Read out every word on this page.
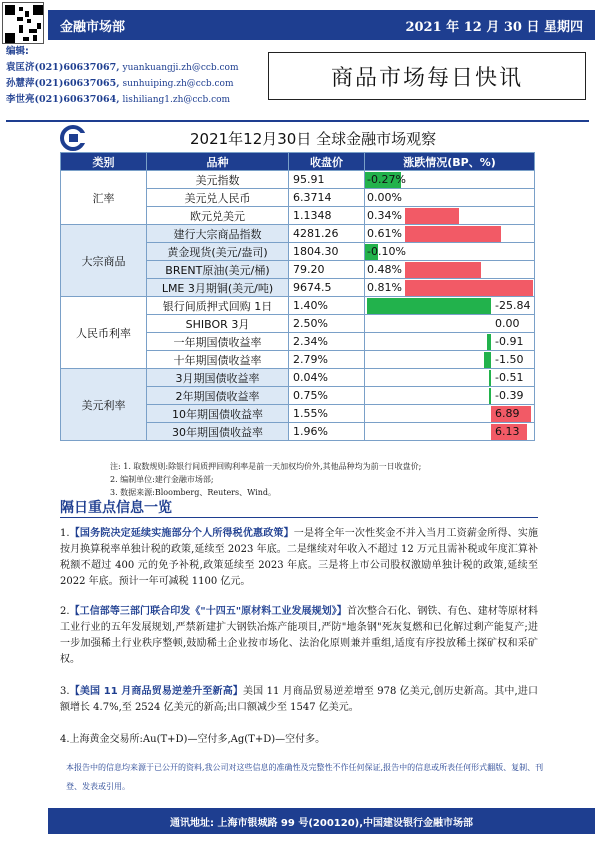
金融市场部	2021 年 12 月 30 日 星期四
编辑:
袁匡济(021)60637067, yuankuangji.zh@ccb.com
孙慧萍(021)60637065, sunhuiping.zh@ccb.com
李世亮(021)60637064, lishiliang1.zh@ccb.com
商品市场每日快讯
2021年12月30日 全球金融市场观察
类别	品种	收盘价	涨跌情况(BP、%)
汇率	美元指数	95.91	-0.27%

	美元兑人民币	6.3714	0.00%

	欧元兑美元	1.1348	0.34%

大宗商品	建行大宗商品指数	4281.26	0.61%

	黄金现货(美元/盎司)	1804.30	-0.10%

	BRENT原油(美元/桶)	79.20	0.48%

	LME 3月期铜(美元/吨)	9674.5	0.81%

人民币利率	银行间质押式回购 1日	1.40%	-25.84

	SHIBOR 3月	2.50%	0.00

	一年期国债收益率	2.34%	-0.91

	十年期国债收益率	2.79%	-1.50

美元利率	3月期国债收益率	0.04%	-0.51

	2年期国债收益率	0.75%	-0.39

	10年期国债收益率	1.55%	6.89

	30年期国债收益率	1.96%	6.13
注: 1. 取数规则:除银行间质押回购利率是前一天加权均价外,其他品种均为前一日收盘价;
2. 编制单位:建行金融市场部;
3. 数据来源:Bloomberg、Reuters、Wind。
隔日重点信息一览
1.【国务院决定延续实施部分个人所得税优惠政策】一是将全年一次性奖金不并入当月工资薪金所得、实施按月换算税率单独计税的政策,延续至 2023 年底。二是继续对年收入不超过 12 万元且需补税或年度汇算补税额不超过 400 元的免予补税,政策延续至 2023 年底。三是将上市公司股权激励单独计税的政策,延续至 2022 年底。预计一年可减税 1100 亿元。
2.【工信部等三部门联合印发《"十四五"原材料工业发展规划》】首次整合石化、钢铁、有色、建材等原材料工业行业的五年发展规划,严禁新建扩大钢铁冶炼产能项目,严防"地条钢"死灰复燃和已化解过剩产能复产;进一步加强稀土行业秩序整顿,鼓励稀土企业按市场化、法治化原则兼并重组,适度有序投放稀土探矿权和采矿权。
3.【美国 11 月商品贸易逆差升至新高】美国 11 月商品贸易逆差增至 978 亿美元,创历史新高。其中,进口额增长 4.7%,至 2524 亿美元的新高;出口额减少至 1547 亿美元。
4.上海黄金交易所:Au(T+D)—空付多,Ag(T+D)—空付多。
本报告中的信息均来源于已公开的资料,我公司对这些信息的准确性及完整性不作任何保证,报告中的信息或所表任何形式翻版、复制、刊登、发表或引用。
通讯地址: 上海市银城路 99 号(200120),中国建设银行金融市场部
